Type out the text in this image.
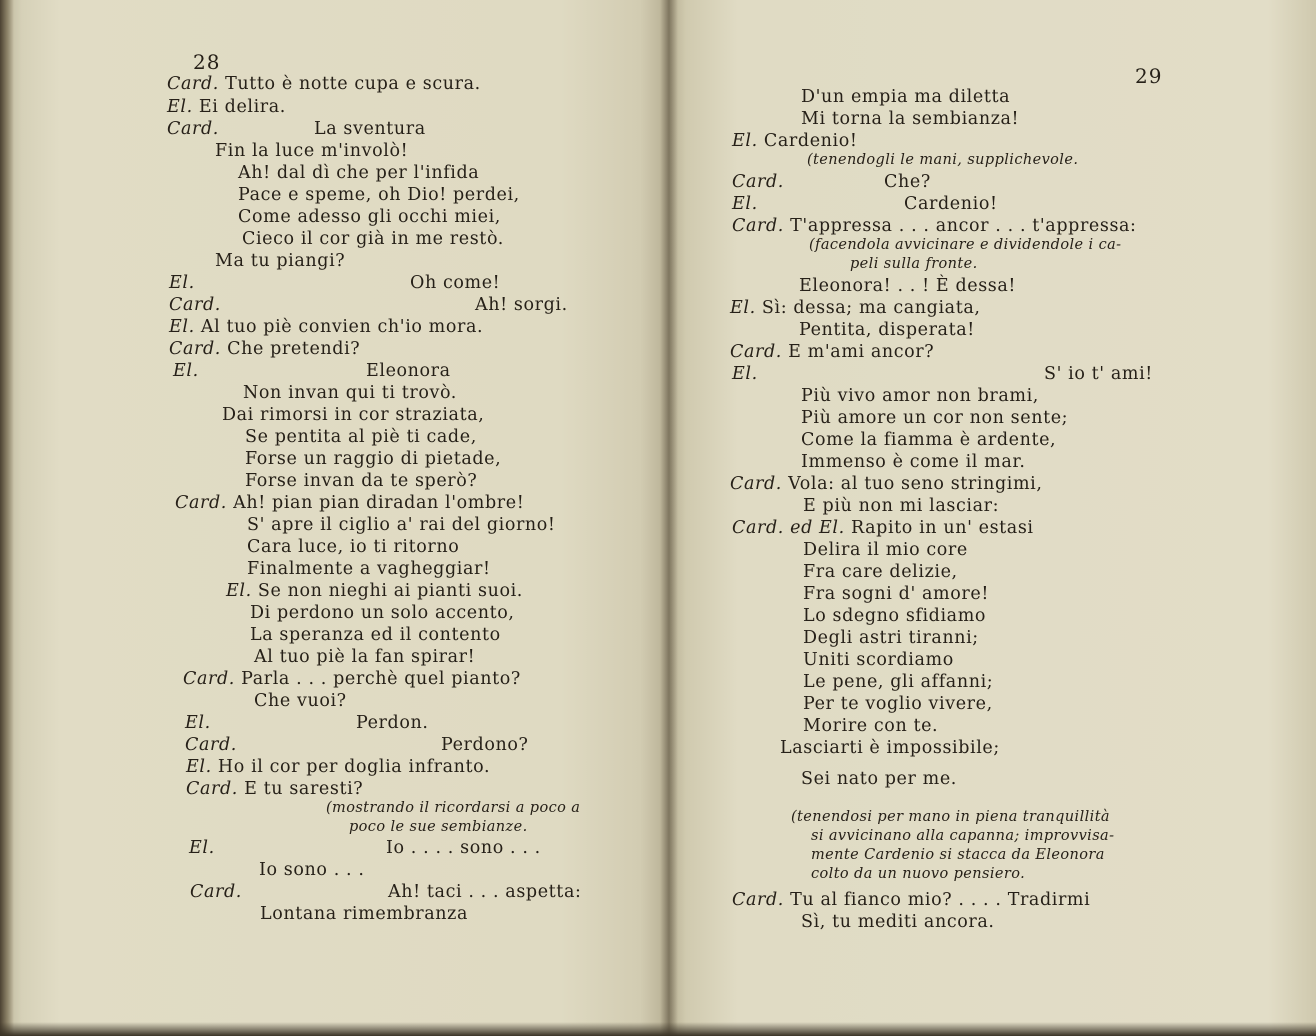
28
Card. Tutto è notte cupa e scura.
El. Ei delira.
Card.	La sventura
Fin la luce m'involò!
Ah! dal dì che per l'infida
Pace e speme, oh Dio! perdei,
Come adesso gli occhi miei,
Cieco il cor già in me restò.
Ma tu piangi?
El.	Oh come!
Card.	Ah! sorgi.
El. Al tuo piè convien ch'io mora.
Card. Che pretendi?
El.	Eleonora
Non invan qui ti trovò.
Dai rimorsi in cor straziata,
Se pentita al piè ti cade,
Forse un raggio di pietade,
Forse invan da te sperò?
Card. Ah! pian pian diradan l'ombre!
S' apre il ciglio a' rai del giorno!
Cara luce, io ti ritorno
Finalmente a vagheggiar!
El. Se non nieghi ai pianti suoi.
Di perdono un solo accento,
La speranza ed il contento
Al tuo piè la fan spirar!
Card. Parla . . . perchè quel pianto?
Che vuoi?
El.	Perdon.
Card.	Perdono?
El. Ho il cor per doglia infranto.
Card. E tu saresti?
(mostrando il ricordarsi a poco a
poco le sue sembianze.
El.	Io . . . . sono . . .
Io sono . . .
Card.	Ah! taci . . . aspetta:
Lontana rimembranza
29
D'un empia ma diletta
Mi torna la sembianza!
El. Cardenio!
(tenendogli le mani, supplichevole.
Card.	Che?
El.	Cardenio!
Card. T'appressa . . . ancor . . . t'appressa:
(facendola avvicinare e dividendole i ca-
peli sulla fronte.
Eleonora! . . ! È dessa!
El. Sì: dessa; ma cangiata,
Pentita, disperata!
Card. E m'ami ancor?
El.	S' io t' ami!
Più vivo amor non brami,
Più amore un cor non sente;
Come la fiamma è ardente,
Immenso è come il mar.
Card. Vola: al tuo seno stringimi,
E più non mi lasciar:
Card. ed El. Rapito in un' estasi
Delira il mio core
Fra care delizie,
Fra sogni d' amore!
Lo sdegno sfidiamo
Degli astri tiranni;
Uniti scordiamo
Le pene, gli affanni;
Per te voglio vivere,
Morire con te.
Lasciarti è impossibile;
Sei nato per me.
(tenendosi per mano in piena tranquillità
si avvicinano alla capanna; improvvisa-
mente Cardenio si stacca da Eleonora
colto da un nuovo pensiero.
Card. Tu al fianco mio? . . . . Tradirmi
Sì, tu mediti ancora.
